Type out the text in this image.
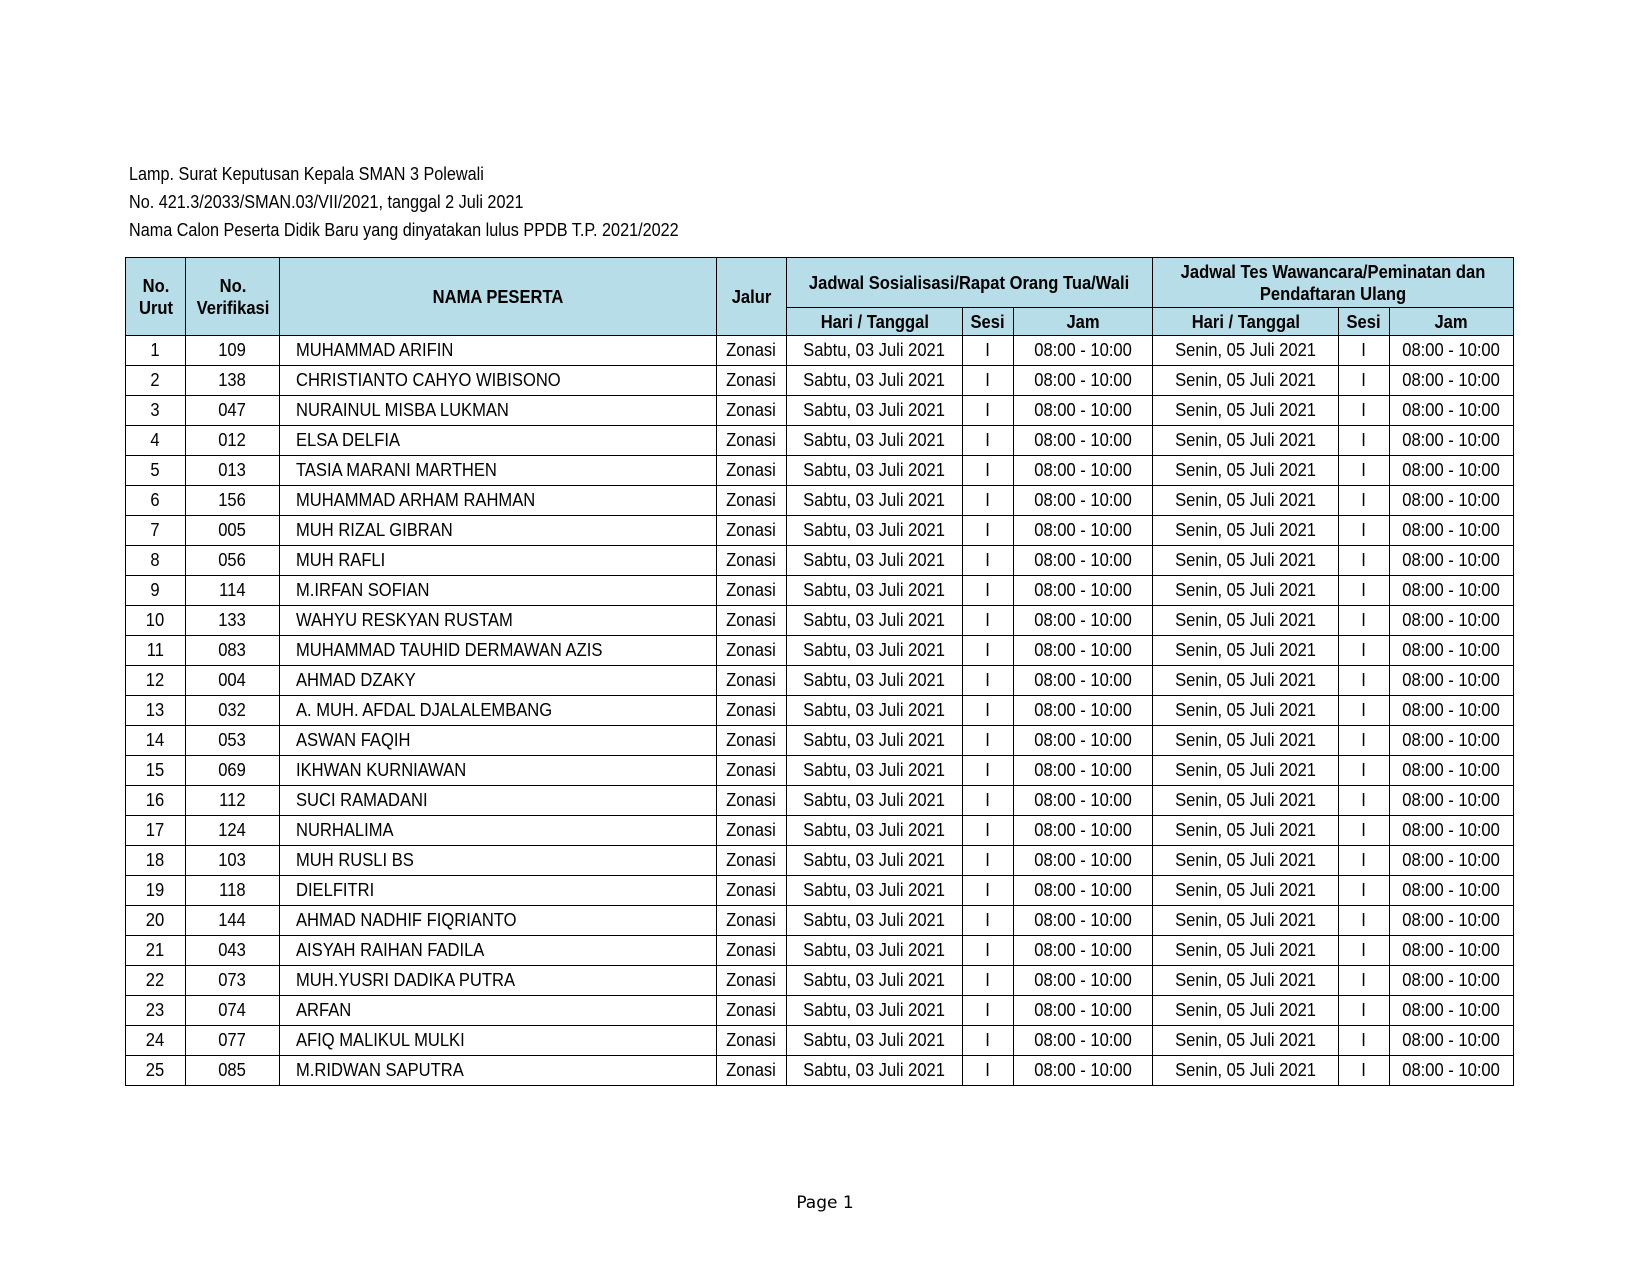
Lamp. Surat Keputusan Kepala SMAN 3 Polewali
No. 421.3/2033/SMAN.03/VII/2021, tanggal 2 Juli 2021
Nama Calon Peserta Didik Baru yang dinyatakan lulus PPDB T.P. 2021/2022
No. Urut	No. Verifikasi	NAMA PESERTA	Jalur	Jadwal Sosialisasi/Rapat Orang Tua/Wali			Jadwal Tes Wawancara/Peminatan dan Pendaftaran Ulang		
				Hari / Tanggal	Sesi	Jam	Hari / Tanggal	Sesi	Jam
1	109	MUHAMMAD ARIFIN	Zonasi	Sabtu, 03 Juli 2021	I	08:00 - 10:00	Senin, 05 Juli 2021	I	08:00 - 10:00
2	138	CHRISTIANTO CAHYO WIBISONO	Zonasi	Sabtu, 03 Juli 2021	I	08:00 - 10:00	Senin, 05 Juli 2021	I	08:00 - 10:00
3	047	NURAINUL MISBA LUKMAN	Zonasi	Sabtu, 03 Juli 2021	I	08:00 - 10:00	Senin, 05 Juli 2021	I	08:00 - 10:00
4	012	ELSA DELFIA	Zonasi	Sabtu, 03 Juli 2021	I	08:00 - 10:00	Senin, 05 Juli 2021	I	08:00 - 10:00
5	013	TASIA MARANI MARTHEN	Zonasi	Sabtu, 03 Juli 2021	I	08:00 - 10:00	Senin, 05 Juli 2021	I	08:00 - 10:00
6	156	MUHAMMAD ARHAM RAHMAN	Zonasi	Sabtu, 03 Juli 2021	I	08:00 - 10:00	Senin, 05 Juli 2021	I	08:00 - 10:00
7	005	MUH RIZAL GIBRAN	Zonasi	Sabtu, 03 Juli 2021	I	08:00 - 10:00	Senin, 05 Juli 2021	I	08:00 - 10:00
8	056	MUH RAFLI	Zonasi	Sabtu, 03 Juli 2021	I	08:00 - 10:00	Senin, 05 Juli 2021	I	08:00 - 10:00
9	114	M.IRFAN SOFIAN	Zonasi	Sabtu, 03 Juli 2021	I	08:00 - 10:00	Senin, 05 Juli 2021	I	08:00 - 10:00
10	133	WAHYU RESKYAN RUSTAM	Zonasi	Sabtu, 03 Juli 2021	I	08:00 - 10:00	Senin, 05 Juli 2021	I	08:00 - 10:00
11	083	MUHAMMAD TAUHID DERMAWAN AZIS	Zonasi	Sabtu, 03 Juli 2021	I	08:00 - 10:00	Senin, 05 Juli 2021	I	08:00 - 10:00
12	004	AHMAD DZAKY	Zonasi	Sabtu, 03 Juli 2021	I	08:00 - 10:00	Senin, 05 Juli 2021	I	08:00 - 10:00
13	032	A. MUH. AFDAL DJALALEMBANG	Zonasi	Sabtu, 03 Juli 2021	I	08:00 - 10:00	Senin, 05 Juli 2021	I	08:00 - 10:00
14	053	ASWAN FAQIH	Zonasi	Sabtu, 03 Juli 2021	I	08:00 - 10:00	Senin, 05 Juli 2021	I	08:00 - 10:00
15	069	IKHWAN KURNIAWAN	Zonasi	Sabtu, 03 Juli 2021	I	08:00 - 10:00	Senin, 05 Juli 2021	I	08:00 - 10:00
16	112	SUCI RAMADANI	Zonasi	Sabtu, 03 Juli 2021	I	08:00 - 10:00	Senin, 05 Juli 2021	I	08:00 - 10:00
17	124	NURHALIMA	Zonasi	Sabtu, 03 Juli 2021	I	08:00 - 10:00	Senin, 05 Juli 2021	I	08:00 - 10:00
18	103	MUH RUSLI BS	Zonasi	Sabtu, 03 Juli 2021	I	08:00 - 10:00	Senin, 05 Juli 2021	I	08:00 - 10:00
19	118	DIELFITRI	Zonasi	Sabtu, 03 Juli 2021	I	08:00 - 10:00	Senin, 05 Juli 2021	I	08:00 - 10:00
20	144	AHMAD NADHIF FIQRIANTO	Zonasi	Sabtu, 03 Juli 2021	I	08:00 - 10:00	Senin, 05 Juli 2021	I	08:00 - 10:00
21	043	AISYAH RAIHAN FADILA	Zonasi	Sabtu, 03 Juli 2021	I	08:00 - 10:00	Senin, 05 Juli 2021	I	08:00 - 10:00
22	073	MUH.YUSRI DADIKA PUTRA	Zonasi	Sabtu, 03 Juli 2021	I	08:00 - 10:00	Senin, 05 Juli 2021	I	08:00 - 10:00
23	074	ARFAN	Zonasi	Sabtu, 03 Juli 2021	I	08:00 - 10:00	Senin, 05 Juli 2021	I	08:00 - 10:00
24	077	AFIQ MALIKUL MULKI	Zonasi	Sabtu, 03 Juli 2021	I	08:00 - 10:00	Senin, 05 Juli 2021	I	08:00 - 10:00
25	085	M.RIDWAN SAPUTRA	Zonasi	Sabtu, 03 Juli 2021	I	08:00 - 10:00	Senin, 05 Juli 2021	I	08:00 - 10:00
Page 1
